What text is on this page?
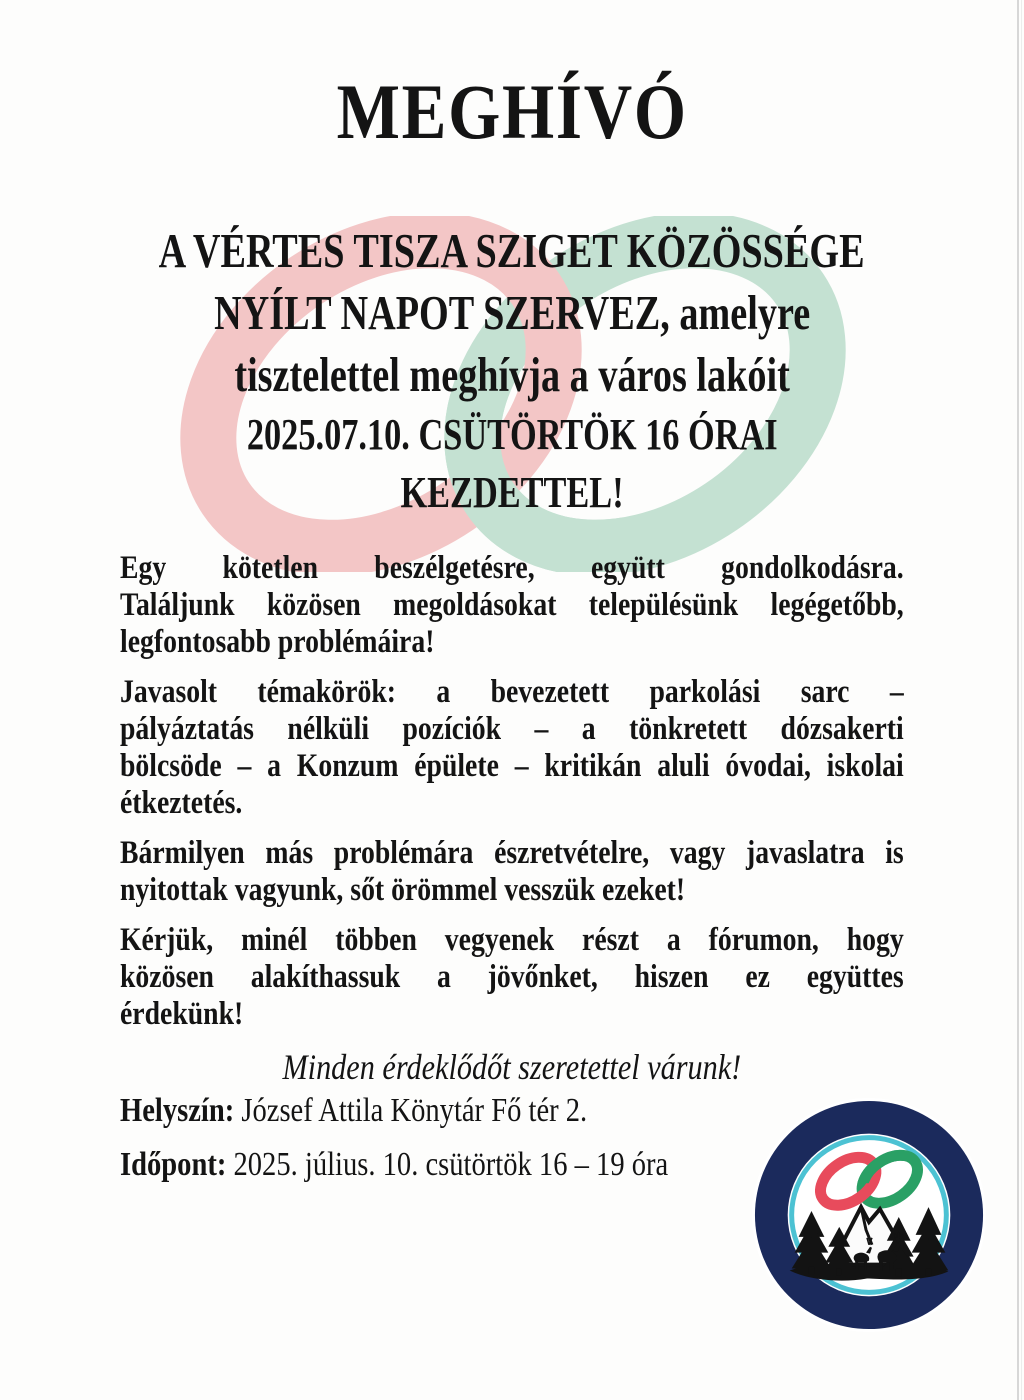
MEGHÍVÓ
A VÉRTES TISZA SZIGET KÖZÖSSÉGE
NYÍLT NAPOT SZERVEZ, amelyre
tisztelettel meghívja a város lakóit
2025.07.10. CSÜTÖRTÖK 16 ÓRAI
KEZDETTEL!
Egy kötetlen beszélgetésre, együtt gondolkodásra.
Találjunk közösen megoldásokat településünk legégetőbb,
legfontosabb problémáira!
Javasolt témakörök: a bevezetett parkolási sarc –
pályáztatás nélküli pozíciók – a tönkretett dózsakerti
bölcsöde – a Konzum épülete – kritikán aluli óvodai, iskolai
étkeztetés.
Bármilyen más problémára észretvételre, vagy javaslatra is
nyitottak vagyunk, sőt örömmel vesszük ezeket!
Kérjük, minél többen vegyenek részt a fórumon, hogy
közösen alakíthassuk a jövőnket, hiszen ez együttes
érdekünk!
Minden érdeklődőt szeretettel várunk!
Helyszín: József Attila Könytár Fő tér 2.
Időpont: 2025. július. 10. csütörtök 16 – 19 óra
